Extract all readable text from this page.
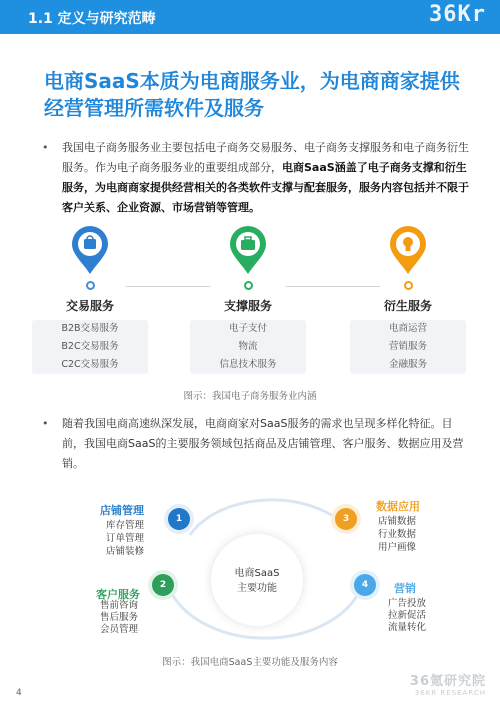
1.1 定义与研究范畴	36Kr
电商SaaS本质为电商服务业，为电商商家提供经营管理所需软件及服务
• 我国电子商务服务业主要包括电子商务交易服务、电子商务支撑服务和电子商务衍生服务。作为电子商务服务业的重要组成部分，电商SaaS涵盖了电子商务支撑和衍生服务，为电商商家提供经营相关的各类软件支撑与配套服务，服务内容包括并不限于客户关系、企业资源、市场营销等管理。
交易服务
B2B交易服务
B2C交易服务
C2C交易服务
支撑服务
电子支付
物流
信息技术服务
衍生服务
电商运营
营销服务
金融服务
图示：我国电子商务服务业内涵
• 随着我国电商高速纵深发展，电商商家对SaaS服务的需求也呈现多样化特征。目前，我国电商SaaS的主要服务领域包括商品及店铺管理、客户服务、数据应用及营销。
电商SaaS
主要功能
1
店铺管理
库存管理
订单管理
店铺装修
2
客户服务
售前咨询
售后服务
会员管理
3
数据应用
店铺数据
行业数据
用户画像
4	营销
广告投放
拉新促活
流量转化
图示：我国电商SaaS主要功能及服务内容
4
36氪研究院
36KR RESEARCH
